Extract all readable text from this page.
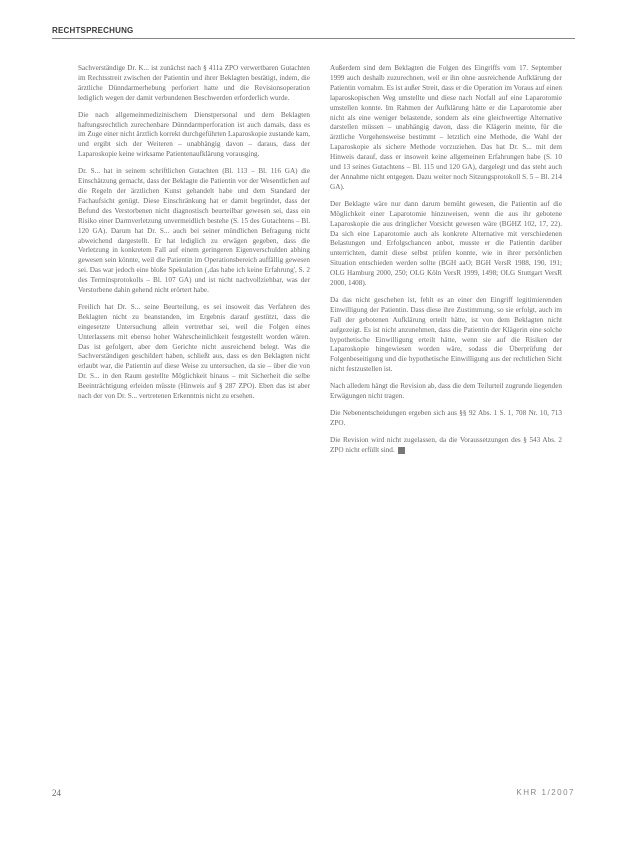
RECHTSPRECHUNG

Sachverständige Dr. K... ist zunächst nach § 411a ZPO verwertbaren Gutachten im Rechtsstreit zwischen der Patientin und ihrer Beklagten bestätigt, indem, die ärztliche Dünndarmerhebung perforiert hatte und die Revisionsoperation lediglich wegen der damit verbundenen Beschwerden erforderlich wurde.

Die nach allgemeinmedizinischem Dienstpersonal und dem Beklagten haftungsrechtlich zurechenbare Dünndarmperforation ist auch damals, dass es im Zuge einer nicht ärztlich korrekt durchgeführten Laparoskopie zustande kam, und ergibt sich der Weiteren – unabhängig davon – daraus, dass der Laparoskopie keine wirksame Patientenaufklärung vorausging.

Dr. S... hat in seinem schriftlichen Gutachten (Bl. 113 – Bl. 116 GA) die Einschätzung gemacht, dass der Beklagte die Patientin vor der Wesentlichen auf die Regeln der ärztlichen Kunst gehandelt habe und dem Standard der Fachaufsicht genügt. Diese Einschränkung hat er damit begründet, dass der Befund des Verstorbenen nicht diagnostisch beurteilbar gewesen sei, dass ein Risiko einer Darmverletzung unvermeidlich bestehe (S. 15 des Gutachtens – Bl. 120 GA). Darum hat Dr. S... auch bei seiner mündlichen Befragung nicht abweichend dargestellt. Er hat lediglich zu erwägen gegeben, dass die Verletzung in konkretem Fall auf einem geringeren Eigenverschulden abhing gewesen sein könnte, weil die Patientin im Operationsbereich auffällig gewesen sei. Das war jedoch eine bloße Spekulation (‚das habe ich keine Erfahrung', S. 2 des Terminsprotokolls – Bl. 107 GA) und ist nicht nachvollziehbar, was der Verstorbene dahin gehend nicht erörtert habe.

Freilich hat Dr. S... seine Beurteilung, es sei insoweit das Verfahren des Beklagten nicht zu beanstanden, im Ergebnis darauf gestützt, dass die eingesetzte Untersuchung allein vertretbar sei, weil die Folgen eines Unterlassens mit ebenso hoher Wahrscheinlichkeit festgestellt worden wären. Das ist gefolgert, aber dem Gerichte nicht ausreichend belegt. Was die Sachverständigen geschildert haben, schließt aus, dass es den Beklagten nicht erlaubt war, die Patientin auf diese Weise zu untersuchen, da sie – über die von Dr. S... in den Raum gestellte Möglichkeit hinaus – mit Sicherheit die selbe Beeinträchtigung erleiden müsste (Hinweis auf § 287 ZPO). Eben das ist aber nach der von Dr. S... vertretenen Erkenntnis nicht zu ersehen.

Außerdem sind dem Beklagten die Folgen des Eingriffs vom 17. September 1999 auch deshalb zuzurechnen, weil er ihn ohne ausreichende Aufklärung der Patientin vornahm. Es ist außer Streit, dass er die Operation im Voraus auf einen laparoskopischen Weg umstellte und diese nach Notfall auf eine Laparotomie umstellen konnte. Im Rahmen der Aufklärung hätte er die Laparotomie aber nicht als eine weniger belastende, sondern als eine gleichwertige Alternative darstellen müssen – unabhängig davon, dass die Klägerin meinte, für die ärztliche Vorgehensweise bestimmt – letztlich eine Methode, die Wahl der Laparoskopie als sichere Methode vorzuziehen. Das hat Dr. S... mit dem Hinweis darauf, dass er insoweit keine allgemeinen Erfahrungen habe (S. 10 und 13 seines Gutachtens – Bl. 115 und 120 GA), dargelegt und das steht auch der Annahme nicht entgegen. Dazu weiter noch Sitzungsprotokoll S. 5 – Bl. 214 GA).

Der Beklagte wäre nur dann darum bemüht gewesen, die Patientin auf die Möglichkeit einer Laparotomie hinzuweisen, wenn die aus ihr gebotene Laparoskopie die aus dringlicher Vorsicht gewesen wäre (BGHZ 102, 17, 22). Da sich eine Laparotomie auch als konkrete Alternative mit verschiedenen Belastungen und Erfolgschancen anbot, musste er die Patientin darüber unterrichten, damit diese selbst prüfen konnte, wie in ihrer persönlichen Situation entschieden werden sollte (BGH aaO; BGH VersR 1988, 190, 191; OLG Hamburg 2000, 250; OLG Köln VersR 1999, 1498; OLG Stuttgart VersR 2000, 1408).

Da das nicht geschehen ist, fehlt es an einer den Eingriff legitimierenden Einwilligung der Patientin. Dass diese ihre Zustimmung, so sie erfolgt, auch im Fall der gebotenen Aufklärung erteilt hätte, ist von dem Beklagten nicht aufgezeigt. Es ist nicht anzunehmen, dass die Patientin der Klägerin eine solche hypothetische Einwilligung erteilt hätte, wenn sie auf die Risiken der Laparoskopie hingewiesen worden wäre, sodass die Überprüfung der Folgenbeseitigung und die hypothetische Einwilligung aus der rechtlichen Sicht nicht festzustellen ist.

Nach alledem hängt die Revision ab, dass die dem Teilurteil zugrunde liegenden Erwägungen nicht tragen.

Die Nebenentscheidungen ergeben sich aus §§ 92 Abs. 1 S. 1, 708 Nr. 10, 713 ZPO.

Die Revision wird nicht zugelassen, da die Voraussetzungen des § 543 Abs. 2 ZPO nicht erfüllt sind.

24	KHR 1/2007
